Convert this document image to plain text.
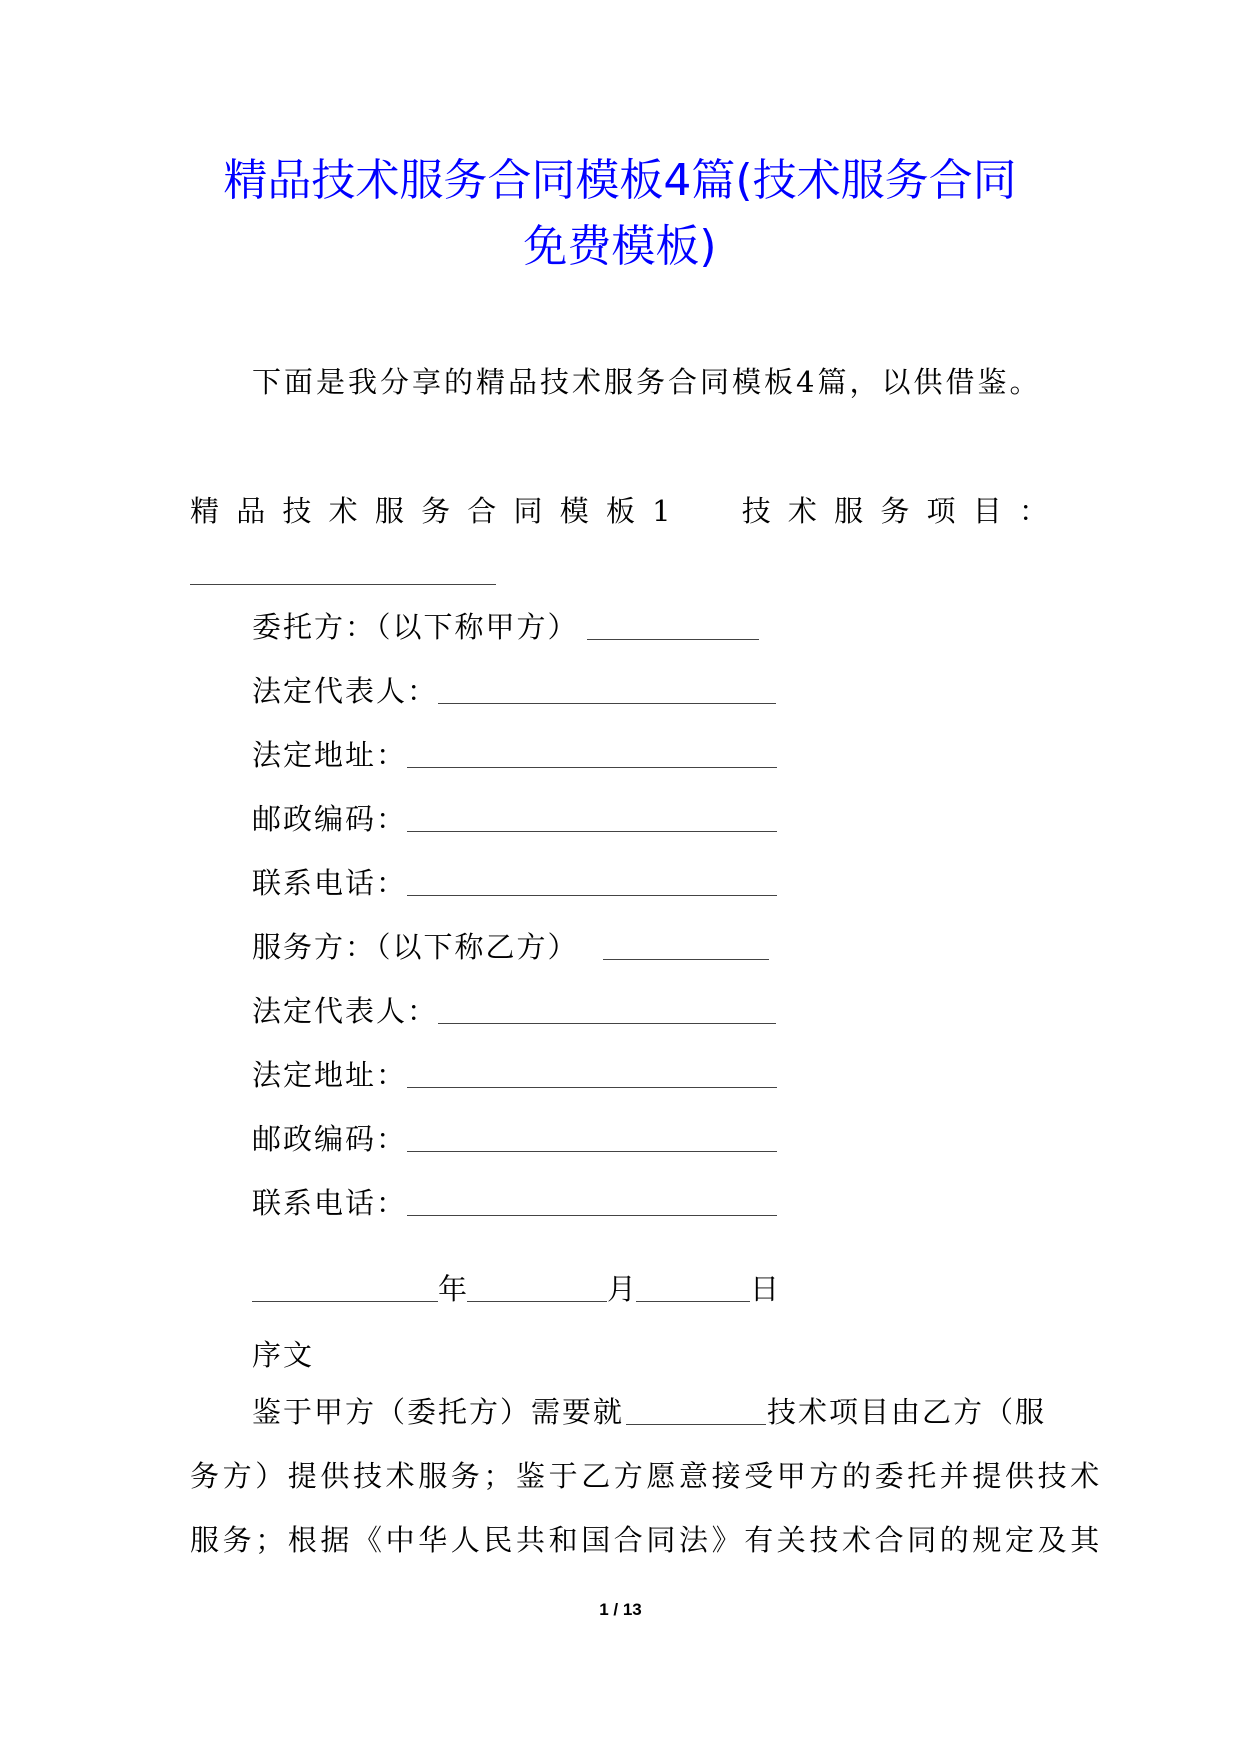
精品技术服务合同模板4篇(技术服务合同
免费模板)
下面是我分享的精品技术服务合同模板4篇，以供借鉴。
精 品 技 术 服 务 合 同 模 板 1 技 术 服 务 项 目 ：
委托方：（以下称甲方）
法定代表人：
法定地址：
邮政编码：
联系电话：
服务方：（以下称乙方）
法定代表人：
法定地址：
邮政编码：
联系电话：
年	月	日
序文
鉴于甲方（委托方）需要就	技术项目由乙方（服
务方）提供技术服务；鉴于乙方愿意接受甲方的委托并提供技术
服务；根据《中华人民共和国合同法》有关技术合同的规定及其
1 / 13
